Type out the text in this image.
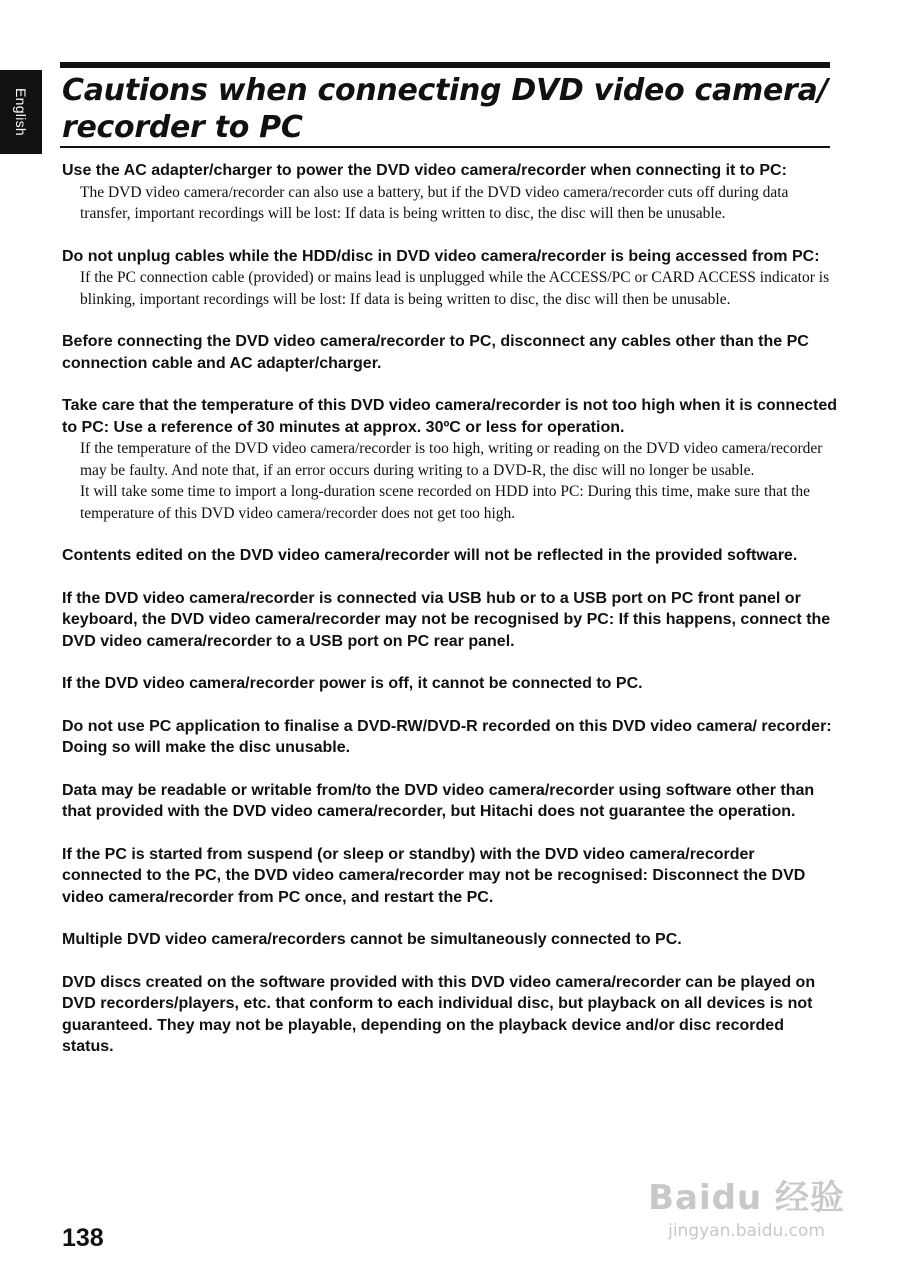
English Cautions when connecting DVD video camera/ recorder to PC

Use the AC adapter/charger to power the DVD video camera/recorder when connecting it to PC:

The DVD video camera/recorder can also use a battery, but if the DVD video camera/recorder cuts off during data transfer, important recordings will be lost: If data is being written to disc, the disc will then be unusable.

Do not unplug cables while the HDD/disc in DVD video camera/recorder is being accessed from PC:

If the PC connection cable (provided) or mains lead is unplugged while the ACCESS/PC or CARD ACCESS indicator is blinking, important recordings will be lost: If data is being written to disc, the disc will then be unusable.

Before connecting the DVD video camera/recorder to PC, disconnect any cables other than the PC connection cable and AC adapter/charger.

Take care that the temperature of this DVD video camera/recorder is not too high when it is connected to PC: Use a reference of 30 minutes at approx. 30ºC or less for operation.

If the temperature of the DVD video camera/recorder is too high, writing or reading on the DVD video camera/recorder may be faulty. And note that, if an error occurs during writing to a DVD-R, the disc will no longer be usable.

It will take some time to import a long-duration scene recorded on HDD into PC: During this time, make sure that the temperature of this DVD video camera/recorder does not get too high.

Contents edited on the DVD video camera/recorder will not be reflected in the provided software.

If the DVD video camera/recorder is connected via USB hub or to a USB port on PC front panel or keyboard, the DVD video camera/recorder may not be recognised by PC: If this happens, connect the DVD video camera/recorder to a USB port on PC rear panel.

If the DVD video camera/recorder power is off, it cannot be connected to PC.

Do not use PC application to finalise a DVD-RW/DVD-R recorded on this DVD video camera/ recorder: Doing so will make the disc unusable.

Data may be readable or writable from/to the DVD video camera/recorder using software other than that provided with the DVD video camera/recorder, but Hitachi does not guarantee the operation.

If the PC is started from suspend (or sleep or standby) with the DVD video camera/recorder connected to the PC, the DVD video camera/recorder may not be recognised: Disconnect the DVD video camera/recorder from PC once, and restart the PC.

Multiple DVD video camera/recorders cannot be simultaneously connected to PC.

DVD discs created on the software provided with this DVD video camera/recorder can be played on DVD recorders/players, etc. that conform to each individual disc, but playback on all devices is not guaranteed. They may not be playable, depending on the playback device and/or disc recorded status.

138

Baidu 经验
jingyan.baidu.com
